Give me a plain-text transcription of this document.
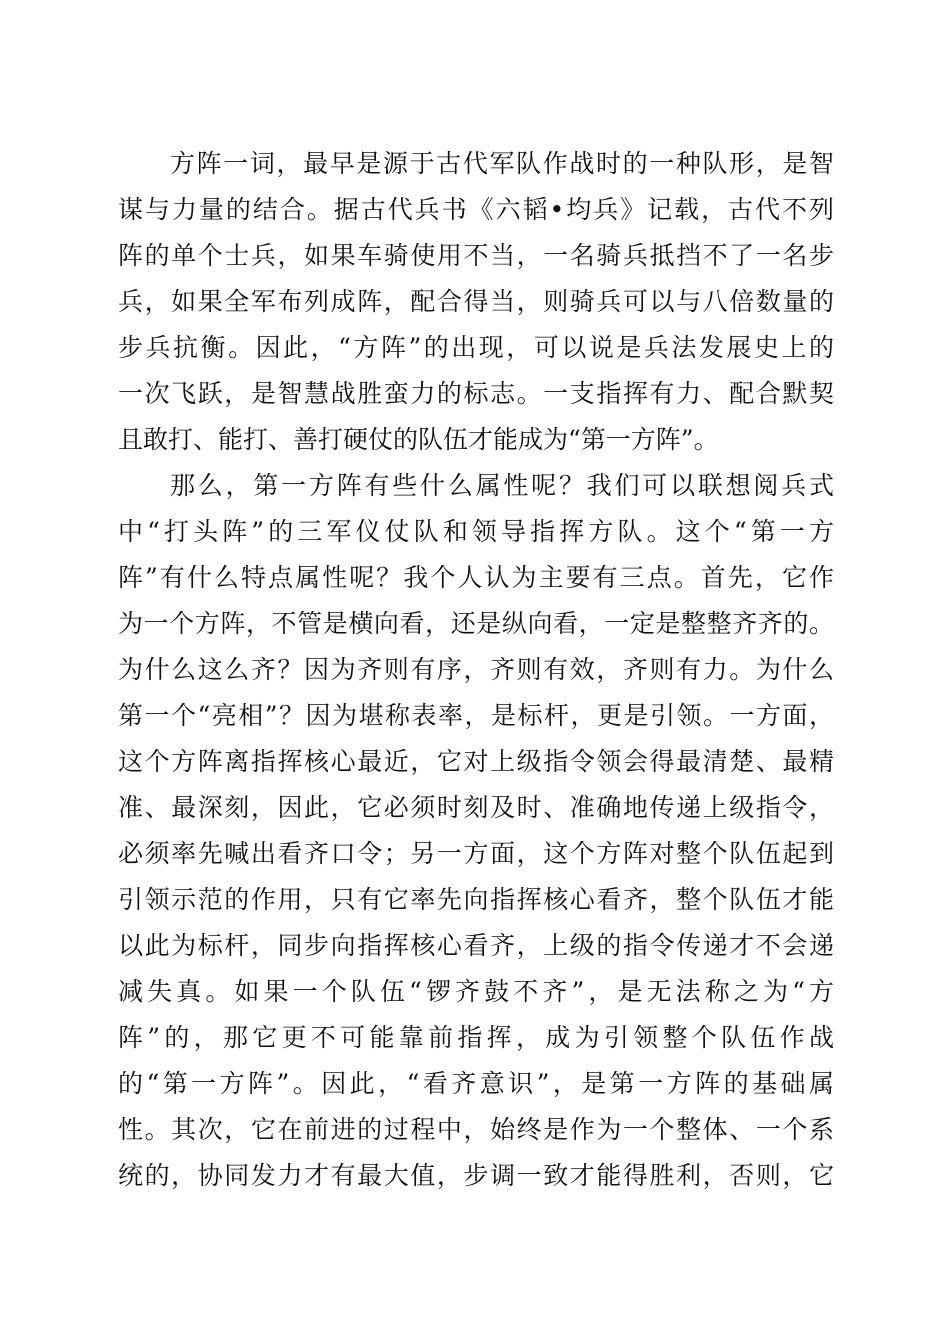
方阵一词，最早是源于古代军队作战时的一种队形，是智
谋与力量的结合。据古代兵书《六韬•均兵》记载，古代不列
阵的单个士兵，如果车骑使用不当，一名骑兵抵挡不了一名步
兵，如果全军布列成阵，配合得当，则骑兵可以与八倍数量的
步兵抗衡。因此，“方阵”的出现，可以说是兵法发展史上的
一次飞跃，是智慧战胜蛮力的标志。一支指挥有力、配合默契
且敢打、能打、善打硬仗的队伍才能成为“第一方阵”。
那么，第一方阵有些什么属性呢？我们可以联想阅兵式
中“打头阵”的三军仪仗队和领导指挥方队。这个“第一方
阵”有什么特点属性呢？我个人认为主要有三点。首先，它作
为一个方阵，不管是横向看，还是纵向看，一定是整整齐齐的。
为什么这么齐？因为齐则有序，齐则有效，齐则有力。为什么
第一个“亮相”？因为堪称表率，是标杆，更是引领。一方面，
这个方阵离指挥核心最近，它对上级指令领会得最清楚、最精
准、最深刻，因此，它必须时刻及时、准确地传递上级指令，
必须率先喊出看齐口令；另一方面，这个方阵对整个队伍起到
引领示范的作用，只有它率先向指挥核心看齐，整个队伍才能
以此为标杆，同步向指挥核心看齐，上级的指令传递才不会递
减失真。如果一个队伍“锣齐鼓不齐”，是无法称之为“方
阵”的，那它更不可能靠前指挥，成为引领整个队伍作战
的“第一方阵”。因此，“看齐意识”，是第一方阵的基础属
性。其次，它在前进的过程中，始终是作为一个整体、一个系
统的，协同发力才有最大值，步调一致才能得胜利，否则，它
